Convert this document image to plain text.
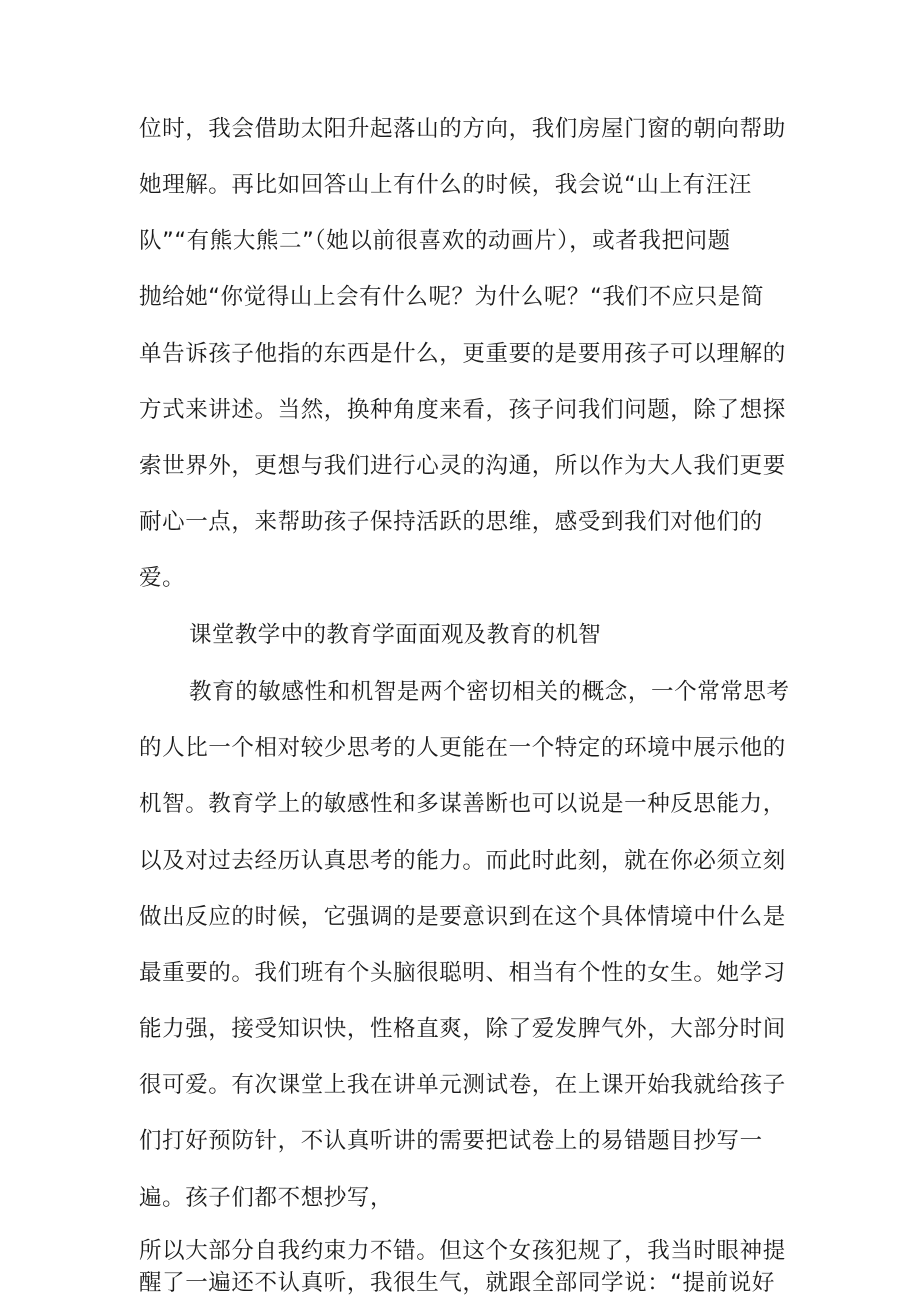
位时，我会借助太阳升起落山的方向，我们房屋门窗的朝向帮助
她理解。再比如回答山上有什么的时候，我会说“山上有汪汪
队”“有熊大熊二”（她以前很喜欢的动画片），或者我把问题
抛给她“你觉得山上会有什么呢？为什么呢？“我们不应只是简
单告诉孩子他指的东西是什么，更重要的是要用孩子可以理解的
方式来讲述。当然，换种角度来看，孩子问我们问题，除了想探
索世界外，更想与我们进行心灵的沟通，所以作为大人我们更要
耐心一点，来帮助孩子保持活跃的思维，感受到我们对他们的
爱。
课堂教学中的教育学面面观及教育的机智
教育的敏感性和机智是两个密切相关的概念，一个常常思考
的人比一个相对较少思考的人更能在一个特定的环境中展示他的
机智。教育学上的敏感性和多谋善断也可以说是一种反思能力，
以及对过去经历认真思考的能力。而此时此刻，就在你必须立刻
做出反应的时候，它强调的是要意识到在这个具体情境中什么是
最重要的。我们班有个头脑很聪明、相当有个性的女生。她学习
能力强，接受知识快，性格直爽，除了爱发脾气外，大部分时间
很可爱。有次课堂上我在讲单元测试卷，在上课开始我就给孩子
们打好预防针，不认真听讲的需要把试卷上的易错题目抄写一
遍。孩子们都不想抄写，
所以大部分自我约束力不错。但这个女孩犯规了，我当时眼神提
醒了一遍还不认真听，我很生气，就跟全部同学说：“提前说好
